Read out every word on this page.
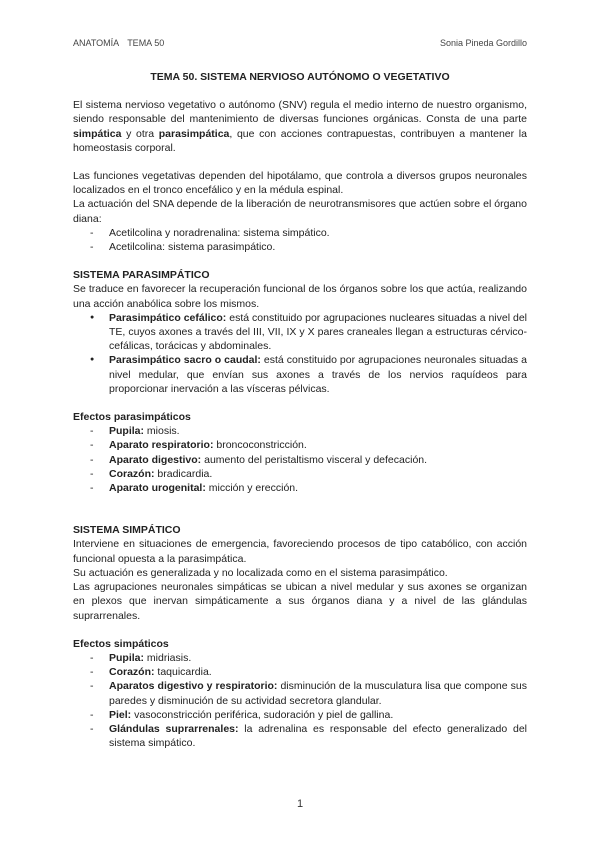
ANATOMÍA TEMA 50	Sonia Pineda Gordillo
TEMA 50. SISTEMA NERVIOSO AUTÓNOMO O VEGETATIVO

El sistema nervioso vegetativo o autónomo (SNV) regula el medio interno de nuestro organismo, siendo responsable del mantenimiento de diversas funciones orgánicas. Consta de una parte simpática y otra parasimpática, que con acciones contrapuestas, contribuyen a mantener la homeostasis corporal.

Las funciones vegetativas dependen del hipotálamo, que controla a diversos grupos neuronales localizados en el tronco encefálico y en la médula espinal.

La actuación del SNA depende de la liberación de neurotransmisores que actúen sobre el órgano diana:

- Acetilcolina y noradrenalina: sistema simpático.
- Acetilcolina: sistema parasimpático.
SISTEMA PARASIMPÁTICO

Se traduce en favorecer la recuperación funcional de los órganos sobre los que actúa, realizando una acción anabólica sobre los mismos.

● Parasimpático cefálico: está constituido por agrupaciones nucleares situadas a nivel del TE, cuyos axones a través del III, VII, IX y X pares craneales llegan a estructuras cérvico-cefálicas, torácicas y abdominales.
● Parasimpático sacro o caudal: está constituido por agrupaciones neuronales situadas a nivel medular, que envían sus axones a través de los nervios raquídeos para proporcionar inervación a las vísceras pélvicas.
Efectos parasimpáticos
- Pupila: miosis.
- Aparato respiratorio: broncoconstricción.
- Aparato digestivo: aumento del peristaltismo visceral y defecación.
- Corazón: bradicardia.
- Aparato urogenital: micción y erección.
SISTEMA SIMPÁTICO

Interviene en situaciones de emergencia, favoreciendo procesos de tipo catabólico, con acción funcional opuesta a la parasimpática.

Su actuación es generalizada y no localizada como en el sistema parasimpático.

Las agrupaciones neuronales simpáticas se ubican a nivel medular y sus axones se organizan en plexos que inervan simpáticamente a sus órganos diana y a nivel de las glándulas suprarrenales.

Efectos simpáticos
- Pupila: midriasis.
- Corazón: taquicardia.
- Aparatos digestivo y respiratorio: disminución de la musculatura lisa que compone sus paredes y disminución de su actividad secretora glandular.
- Piel: vasoconstricción periférica, sudoración y piel de gallina.
- Glándulas suprarrenales: la adrenalina es responsable del efecto generalizado del sistema simpático.
1
